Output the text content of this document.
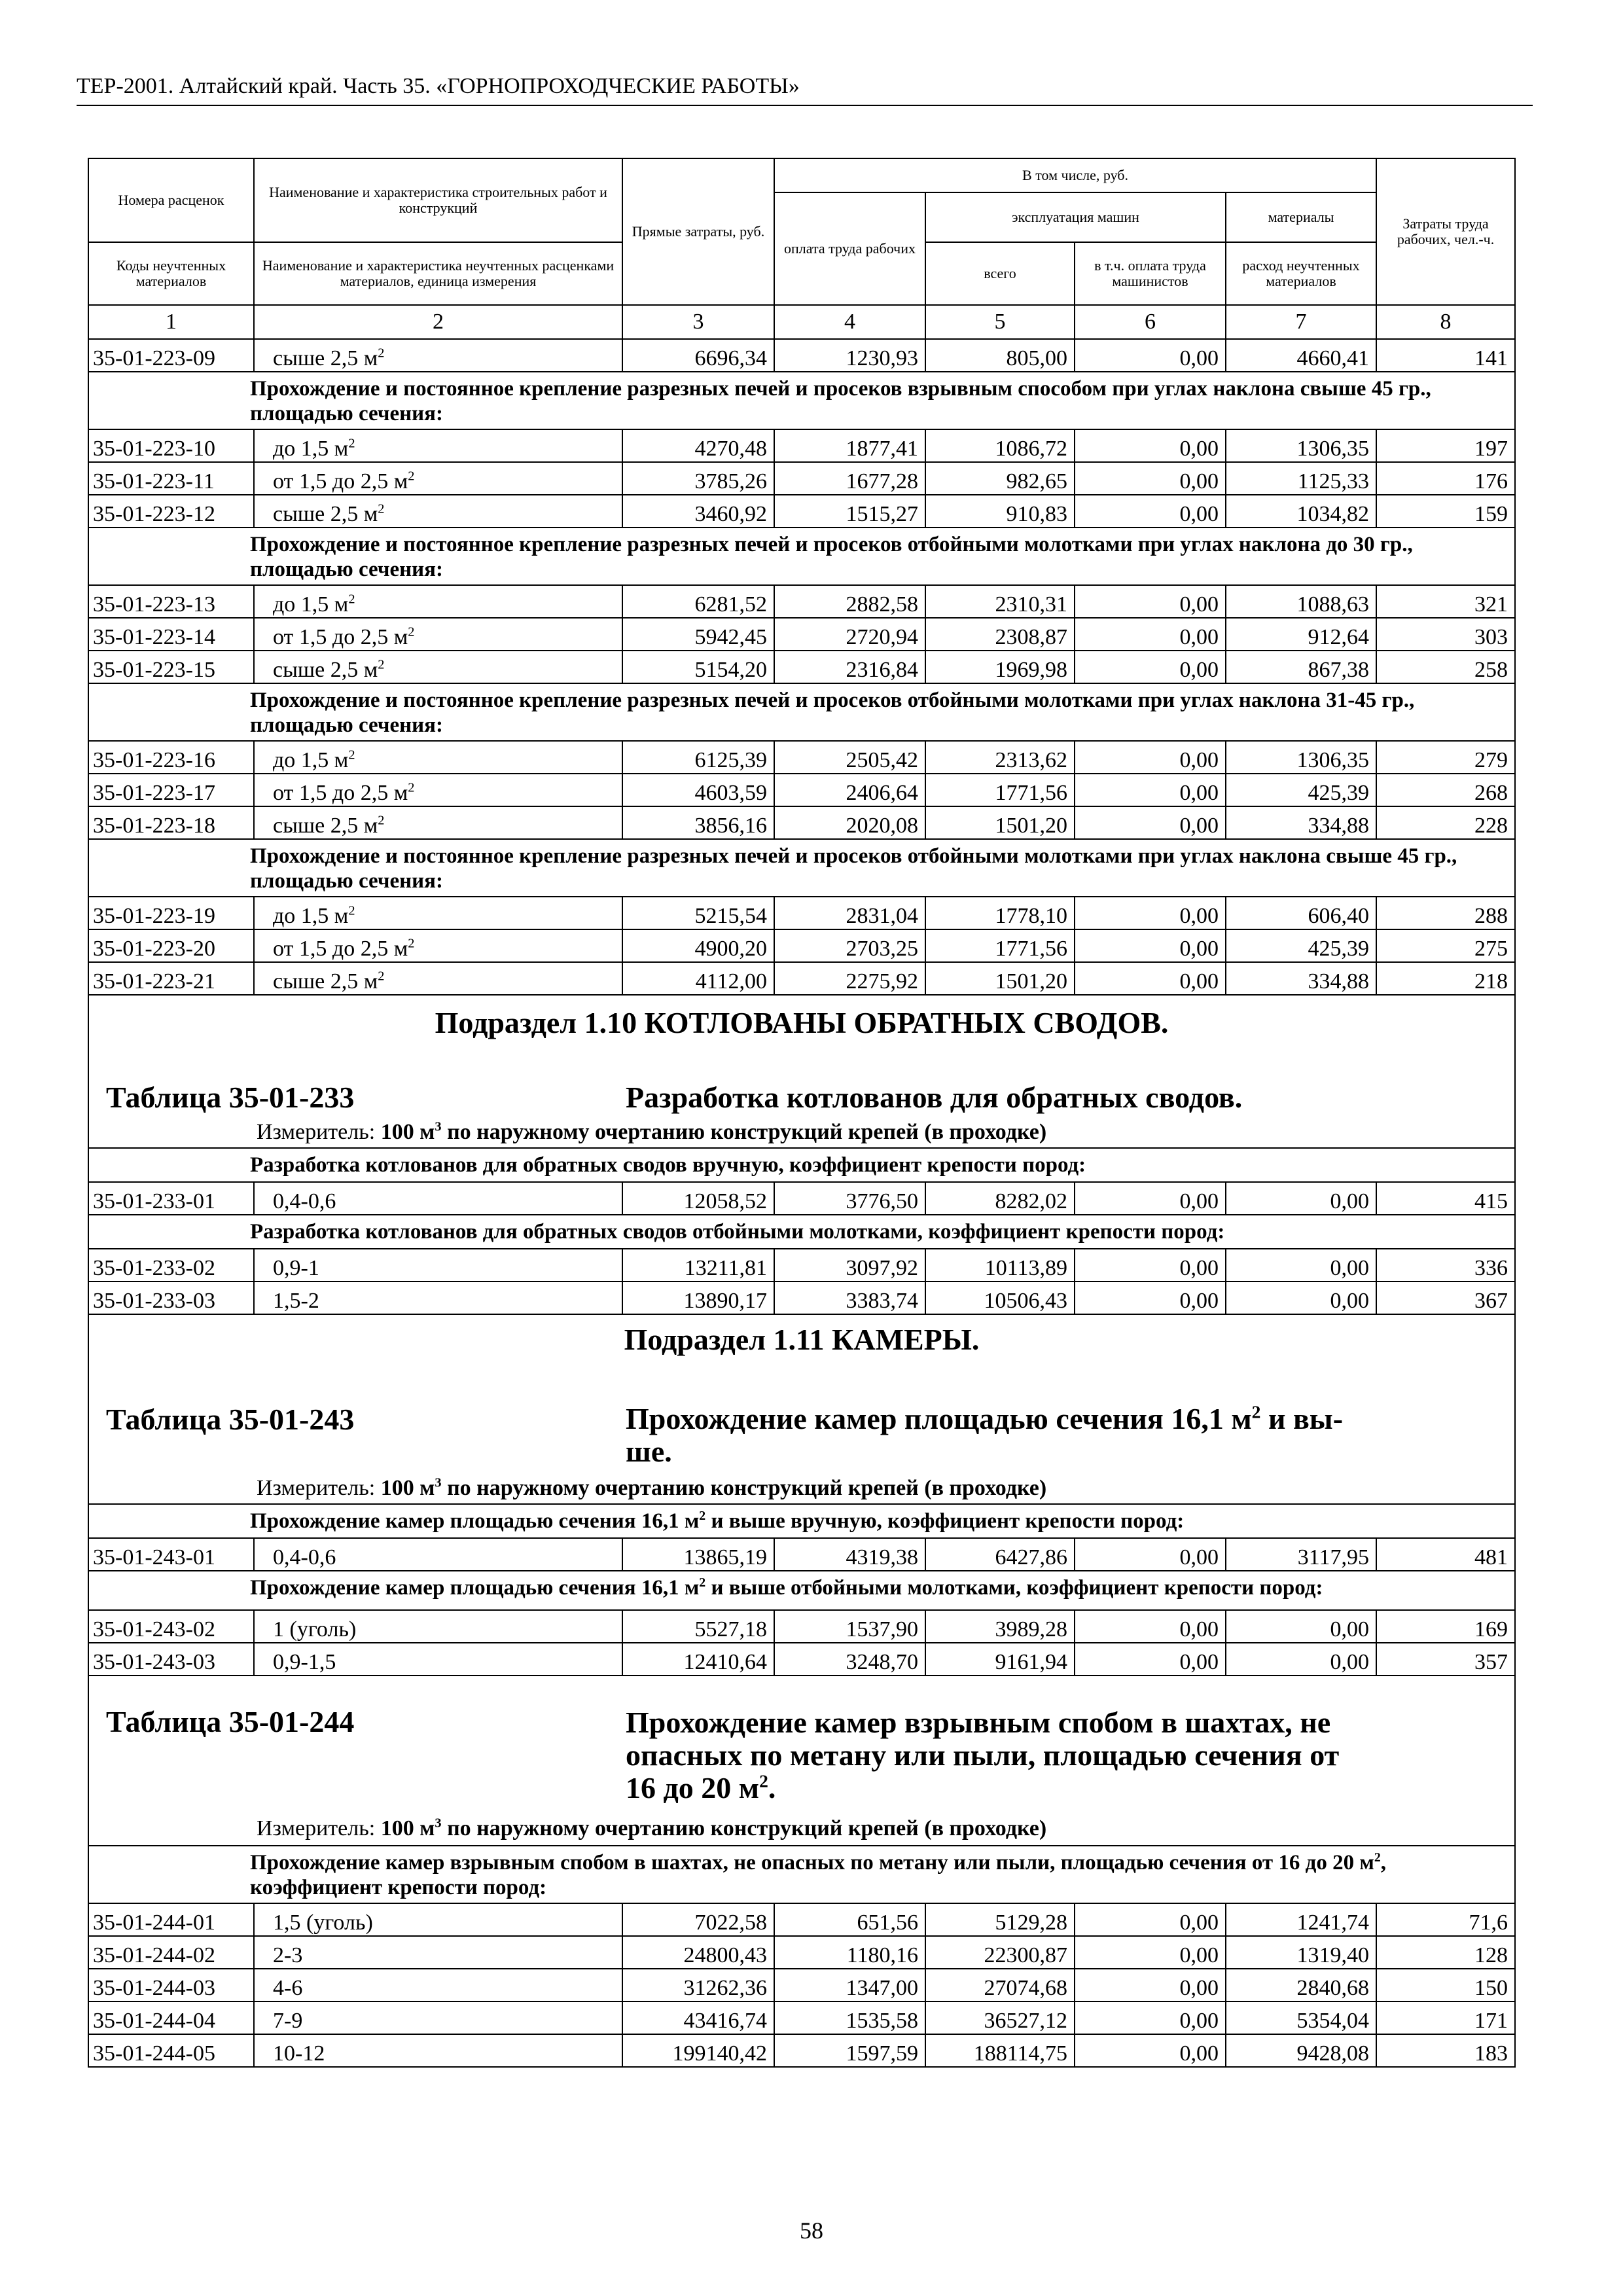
ТЕР-2001. Алтайский край. Часть 35. «ГОРНОПРОХОДЧЕСКИЕ РАБОТЫ»
Номера расценок	Наименование и характеристика строительных работ и конструкций	Прямые затраты, руб.	В том числе, руб.				Затраты труда рабочих, чел.-ч.
			оплата труда рабочих	эксплуатация машин		материалы	
Коды неучтенных материалов	Наименование и характеристика неучтенных расценками материалов, единица измерения			всего	в т.ч. оплата труда машинистов	расход неучтенных материалов	
1	2	3	4	5	6	7	8
35-01-223-09	сыше 2,5 $м^2$	6696,34	1230,93	805,00	0,00	4660,41	141
Прохождение и постоянное крепление разрезных печей и просеков взрывным способом при углах наклона свыше 45 гр., площадью сечения:							
35-01-223-10	до 1,5 $м^2$	4270,48	1877,41	1086,72	0,00	1306,35	197
35-01-223-11	от 1,5 до 2,5 $м^2$	3785,26	1677,28	982,65	0,00	1125,33	176
35-01-223-12	сыше 2,5 $м^2$	3460,92	1515,27	910,83	0,00	1034,82	159
Прохождение и постоянное крепление разрезных печей и просеков отбойными молотками при углах наклона до 30 гр., площадью сечения:							
35-01-223-13	до 1,5 $м^2$	6281,52	2882,58	2310,31	0,00	1088,63	321
35-01-223-14	от 1,5 до 2,5 $м^2$	5942,45	2720,94	2308,87	0,00	912,64	303
35-01-223-15	сыше 2,5 $м^2$	5154,20	2316,84	1969,98	0,00	867,38	258
Прохождение и постоянное крепление разрезных печей и просеков отбойными молотками при углах наклона 31-45 гр., площадью сечения:							
35-01-223-16	до 1,5 $м^2$	6125,39	2505,42	2313,62	0,00	1306,35	279
35-01-223-17	от 1,5 до 2,5 $м^2$	4603,59	2406,64	1771,56	0,00	425,39	268
35-01-223-18	сыше 2,5 $м^2$	3856,16	2020,08	1501,20	0,00	334,88	228
Прохождение и постоянное крепление разрезных печей и просеков отбойными молотками при углах наклона свыше 45 гр., площадью сечения:							
35-01-223-19	до 1,5 $м^2$	5215,54	2831,04	1778,10	0,00	606,40	288
35-01-223-20	от 1,5 до 2,5 $м^2$	4900,20	2703,25	1771,56	0,00	425,39	275
35-01-223-21	сыше 2,5 $м^2$	4112,00	2275,92	1501,20	0,00	334,88	218

Подраздел 1.10 КОТЛОВАНЫ ОБРАТНЫХ СВОДОВ.
Таблица 35-01-233 Разработка котлованов для обратных сводов.
Измеритель: 100 $м^3$ по наружному очертанию конструкций крепей (в проходке)							

Разработка котлованов для обратных сводов вручную, коэффициент крепости пород:							
35-01-233-01	0,4-0,6	12058,52	3776,50	8282,02	0,00	0,00	415
Разработка котлованов для обратных сводов отбойными молотками, коэффициент крепости пород:							
35-01-233-02	0,9-1	13211,81	3097,92	10113,89	0,00	0,00	336
35-01-233-03	1,5-2	13890,17	3383,74	10506,43	0,00	0,00	367

Подраздел 1.11 КАМЕРЫ.
Таблица 35-01-243 Прохождение камер площадью сечения 16,1 $м^2$ и вы-
ше.
Измеритель: 100 $м^3$ по наружному очертанию конструкций крепей (в проходке)							

Прохождение камер площадью сечения 16,1 $м^2$ и выше вручную, коэффициент крепости пород:							
35-01-243-01	0,4-0,6	13865,19	4319,38	6427,86	0,00	3117,95	481
Прохождение камер площадью сечения 16,1 $м^2$ и выше отбойными молотками, коэффициент крепости пород:							
35-01-243-02	1 (уголь)	5527,18	1537,90	3989,28	0,00	0,00	169
35-01-243-03	0,9-1,5	12410,64	3248,70	9161,94	0,00	0,00	357

Таблица 35-01-244 Прохождение камер взрывным спобом в шахтах, не
опасных по метану или пыли, площадью сечения от
16 до 20 $м^2$.
Измеритель: 100 $м^3$ по наружному очертанию конструкций крепей (в проходке)							

Прохождение камер взрывным спобом в шахтах, не опасных по метану или пыли, площадью сечения от 16 до 20 $м^2$, коэффициент крепости пород:							
35-01-244-01	1,5 (уголь)	7022,58	651,56	5129,28	0,00	1241,74	71,6
35-01-244-02	2-3	24800,43	1180,16	22300,87	0,00	1319,40	128
35-01-244-03	4-6	31262,36	1347,00	27074,68	0,00	2840,68	150
35-01-244-04	7-9	43416,74	1535,58	36527,12	0,00	5354,04	171
35-01-244-05	10-12	199140,42	1597,59	188114,75	0,00	9428,08	183
58
